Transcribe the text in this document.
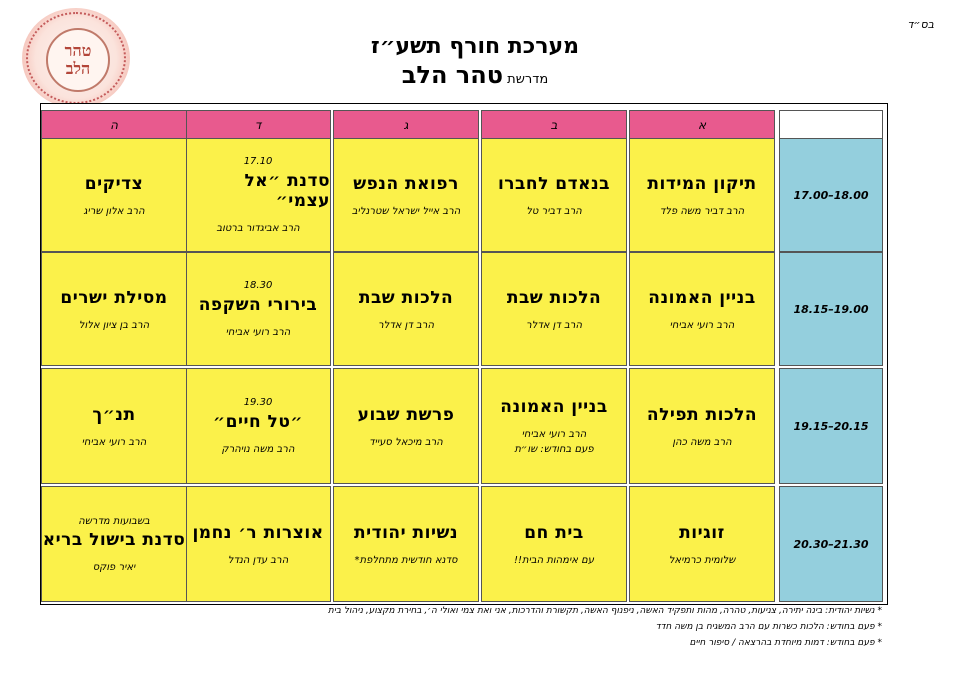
בס״ד
טהר
הלב
מערכת חורף תשע״ז
מדרשת טהר הלב
א
ב
ג
ד
ה
17.00–18.00
18.15–19.00
19.15–20.15
20.30–21.30
תיקון המידות
הרב דביר משה פלד
בנאדם לחברו
הרב דביר טל
רפואת הנפש
הרב אייל ישראל שטרנליב
17.10
סדנת ״אל עצמי״
הרב אביגדור ברטוב
צדיקים
הרב אלון שריג
בניין האמונה
הרב רועי אביחי
הלכות שבת
הרב דן אדלר
הלכות שבת
הרב דן אדלר
18.30
בירורי השקפה
הרב רועי אביחי
מסילת ישרים
הרב בן ציון אלול
הלכות תפילה
הרב משה כהן
בניין האמונה
הרב רועי אביחי
פעם בחודש: שו״ת
פרשת שבוע
הרב מיכאל סעייד
19.30
״טל חיים״
הרב משה נויהרק
תנ״ך
הרב רועי אביחי
זוגיות
שלומית כרמיאל
בית חם
עם אימהות הבית!!
נשיות יהודית
סדנא חודשית מתחלפת*
אוצרות ר׳ נחמן
הרב עדן הנדל
בשבועות מדרשה
סדנת בישול בריא
יאיר פוקס
* נשיות יהודית: בינה יתירה, צניעות, טהרה, מהות ותפקיד האשה, ניפנוף האשה, תקשורת והדרכות, אני ואת צמי ואולי ה׳, בחירת מקצוע, ניהול בית
* פעם בחודש: הלכות כשרות עם הרב המשגיח בן משה חדד
* פעם בחודש: דמות מיוחדת בהרצאה / סיפור חיים
